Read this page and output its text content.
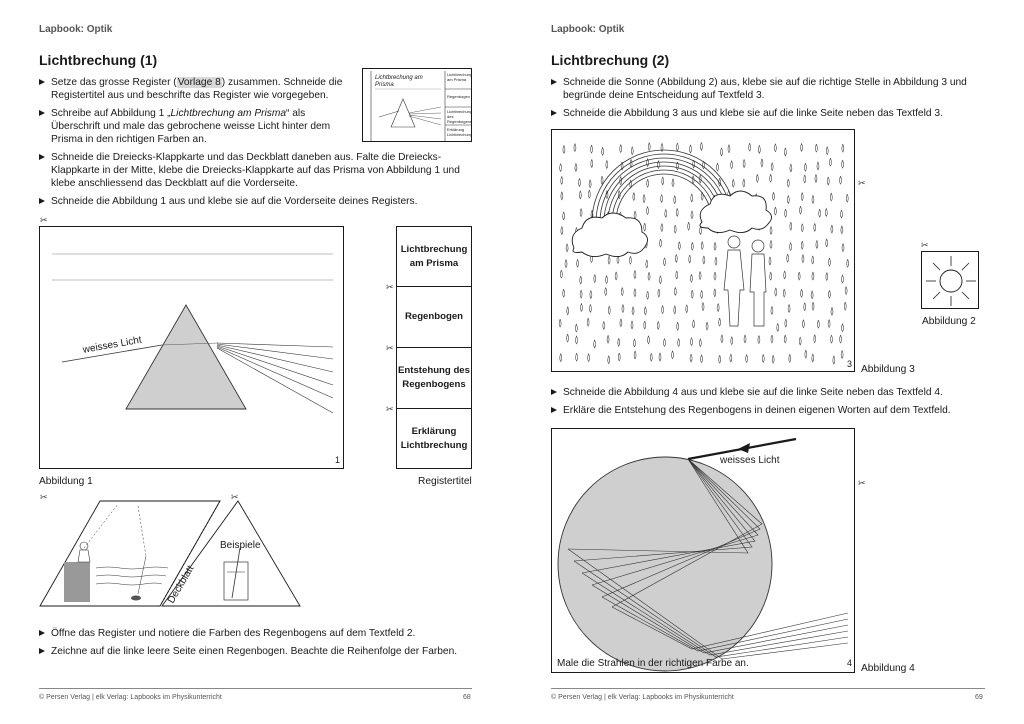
Lapbook: Optik
Lichtbrechung (1)
Setze das grosse Register (Vorlage 8) zusammen. Schneide die Registertitel aus und beschrifte das Register wie vorgegeben.
Schreibe auf Abbildung 1 „Lichtbrechung am Prisma“ als Überschrift und male das gebrochene weisse Licht hinter dem Prisma in den richtigen Farben an.
Schneide die Dreiecks-Klappkarte und das Deckblatt daneben aus. Falte die Dreiecks-Klappkarte in der Mitte, klebe die Dreiecks-Klappkarte auf das Prisma von Abbildung 1 und klebe anschliessend das Deckblatt auf die Vorderseite.
Schneide die Abbildung 1 aus und klebe sie auf die Vorderseite deines Registers.
Lichtbrechung am Prisma
Lichtbrechung am Prisma
Regenbogen
Lichtbrechung des Regenbogens
Erklärung Lichtbrechung
✂
weisses Licht
1
Abbildung 1
Lichtbrechung am Prisma
Regenbogen
Entstehung des Regenbogens
Erklärung Lichtbrechung
✂
✂
✂
Registertitel
✂	✂
Deckblatt
Beispiele
Öffne das Register und notiere die Farben des Regenbogens auf dem Textfeld 2.
Zeichne auf die linke leere Seite einen Regenbogen. Beachte die Reihenfolge der Farben.
© Persen Verlag | elk Verlag: Lapbooks im Physikunterricht	68
Lapbook: Optik
Lichtbrechung (2)
Schneide die Sonne (Abbildung 2) aus, klebe sie auf die richtige Stelle in Abbildung 3 und begründe deine Entscheidung auf Textfeld 3.
Schneide die Abbildung 3 aus und klebe sie auf die linke Seite neben das Textfeld 3.
3
✂
Abbildung 3
✂
Abbildung 2
Schneide die Abbildung 4 aus und klebe sie auf die linke Seite neben das Textfeld 4.
Erkläre die Entstehung des Regenbogens in deinen eigenen Worten auf dem Textfeld.
weisses Licht
Male die Strahlen in der richtigen Farbe an.	4
✂
Abbildung 4
© Persen Verlag | elk Verlag: Lapbooks im Physikunterricht	69
